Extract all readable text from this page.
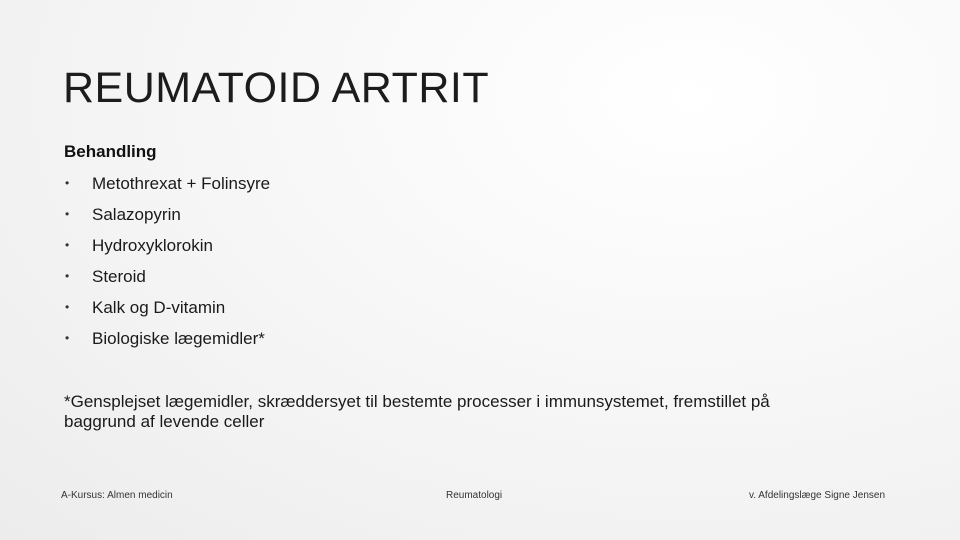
REUMATOID ARTRIT
Behandling
•	Metothrexat + Folinsyre
•	Salazopyrin
•	Hydroxyklorokin
•	Steroid
•	Kalk og D-vitamin
•	Biologiske lægemidler*
*Gensplejset lægemidler, skræddersyet til bestemte processer i immunsystemet, fremstillet på baggrund af levende celler
A-Kursus: Almen medicin	Reumatologi	v. Afdelingslæge Signe Jensen
